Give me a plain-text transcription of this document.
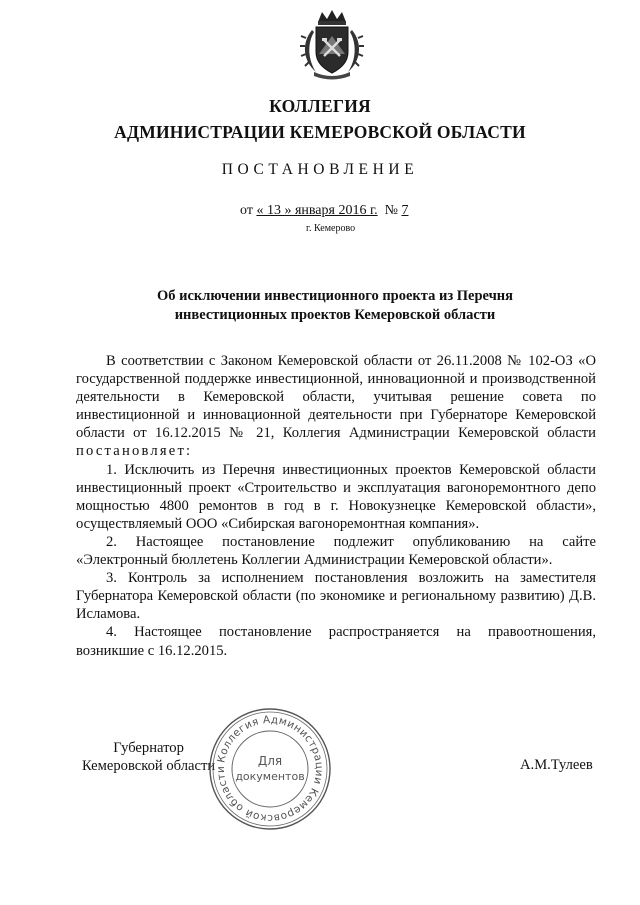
КОЛЛЕГИЯ
АДМИНИСТРАЦИИ КЕМЕРОВСКОЙ ОБЛАСТИ
ПОСТАНОВЛЕНИЕ
от « 13 » января 2016 г. № 7
г. Кемерово
Об исключении инвестиционного проекта из Перечня
инвестиционных проектов Кемеровской области

В соответствии с Законом Кемеровской области от 26.11.2008 № 102-ОЗ «О государственной поддержке инвестиционной, инновационной и производственной деятельности в Кемеровской области, учитывая решение совета по инвестиционной и инновационной деятельности при Губернаторе Кемеровской области от 16.12.2015 № 21, Коллегия Администрации Кемеровской области постановляет:

1. Исключить из Перечня инвестиционных проектов Кемеровской области инвестиционный проект «Строительство и эксплуатация вагоноремонтного депо мощностью 4800 ремонтов в год в г. Новокузнецке Кемеровской области», осуществляемый ООО «Сибирская вагоноремонтная компания».

2. Настоящее постановление подлежит опубликованию на сайте «Электронный бюллетень Коллегии Администрации Кемеровской области».

3. Контроль за исполнением постановления возложить на заместителя Губернатора Кемеровской области (по экономике и региональному развитию) Д.В. Исламова.

4. Настоящее постановление распространяется на правоотношения, возникшие с 16.12.2015.

Губернатор
Кемеровской области	А.М.Тулеев
Коллегия Администрации Кемеровской области
Для
документов
